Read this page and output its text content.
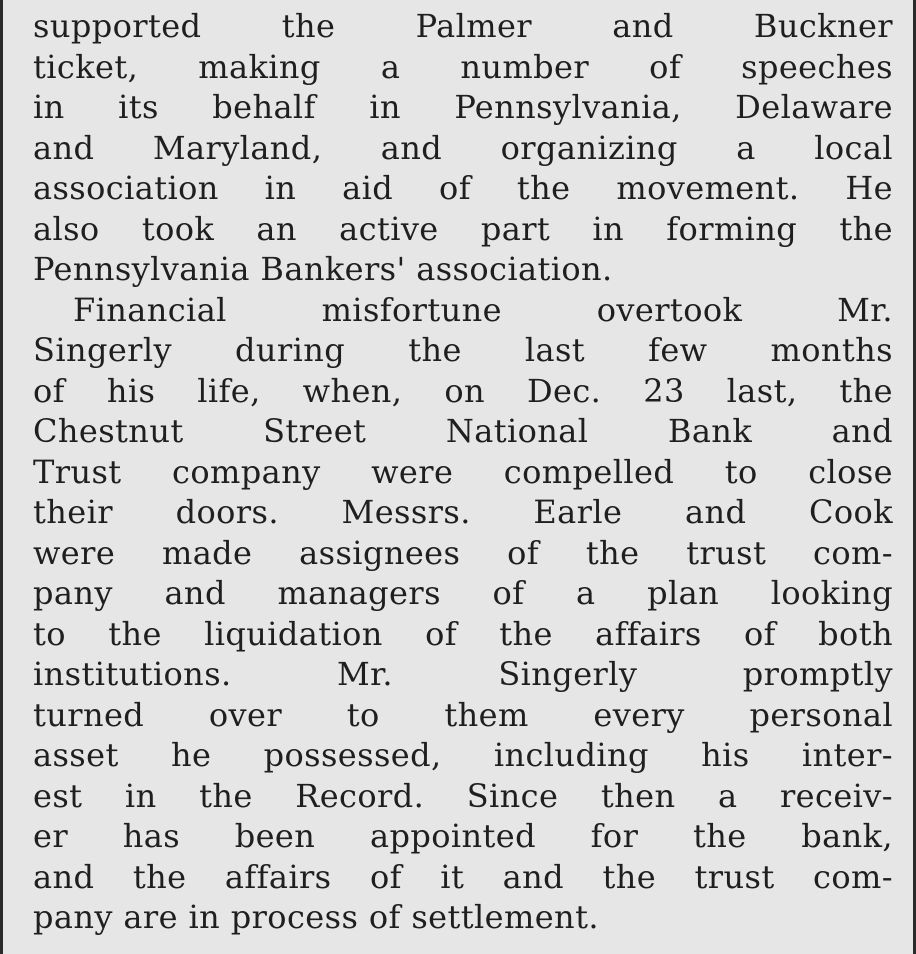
supported the Palmer and Buckner
ticket, making a number of speeches
in its behalf in Pennsylvania, Delaware
and Maryland, and organizing a local
association in aid of the movement. He
also took an active part in forming the
Pennsylvania Bankers' association.
Financial misfortune overtook Mr.
Singerly during the last few months
of his life, when, on Dec. 23 last, the
Chestnut Street National Bank and
Trust company were compelled to close
their doors. Messrs. Earle and Cook
were made assignees of the trust com-
pany and managers of a plan looking
to the liquidation of the affairs of both
institutions. Mr. Singerly promptly
turned over to them every personal
asset he possessed, including his inter-
est in the Record. Since then a receiv-
er has been appointed for the bank,
and the affairs of it and the trust com-
pany are in process of settlement.
